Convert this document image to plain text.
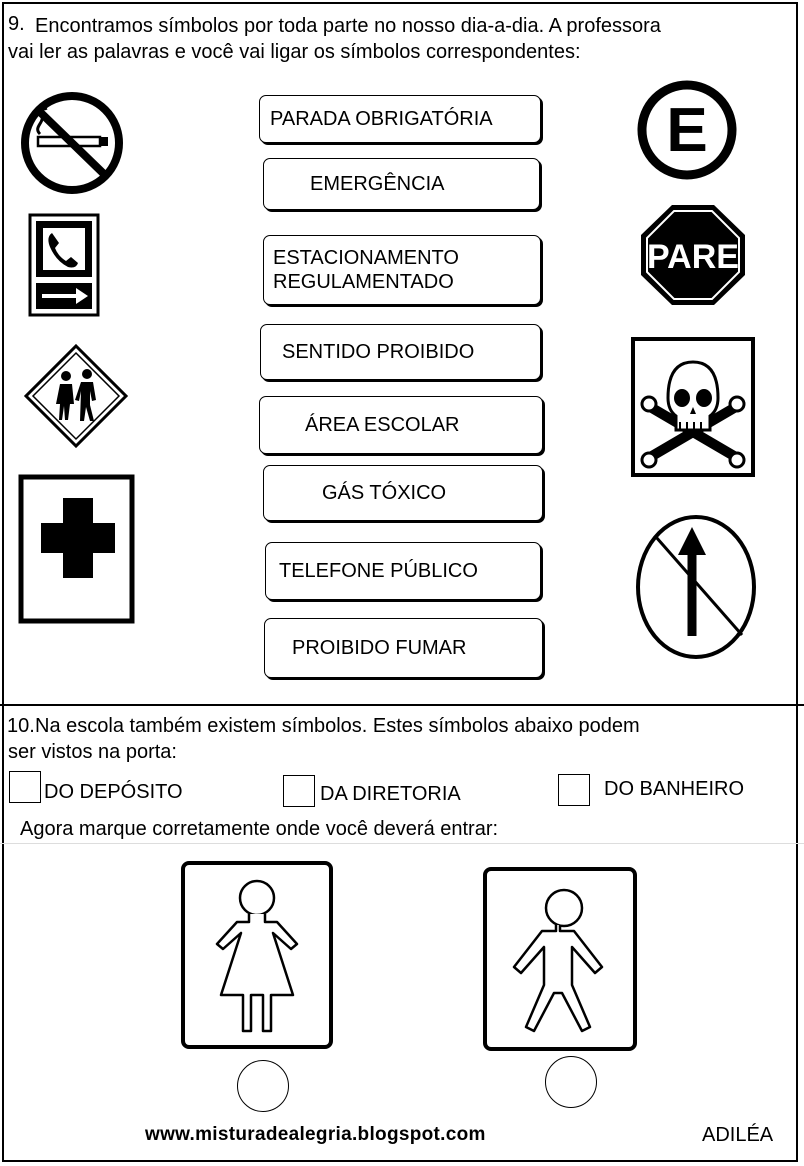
9. Encontramos símbolos por toda parte no nosso dia-a-dia. A professora
vai ler as palavras e você vai ligar os símbolos correspondentes:
PARADA OBRIGATÓRIA
EMERGÊNCIA
ESTACIONAMENTO
REGULAMENTADO
SENTIDO PROIBIDO
ÁREA ESCOLAR
GÁS TÓXICO
TELEFONE PÚBLICO
PROIBIDO FUMAR
E
PARE
10. Na escola também existem símbolos. Estes símbolos abaixo podem
ser vistos na porta:
DO DEPÓSITO	DA DIRETORIA	DO BANHEIRO
Agora marque corretamente onde você deverá entrar:
www.misturadealegria.blogspot.com	ADILÉA
